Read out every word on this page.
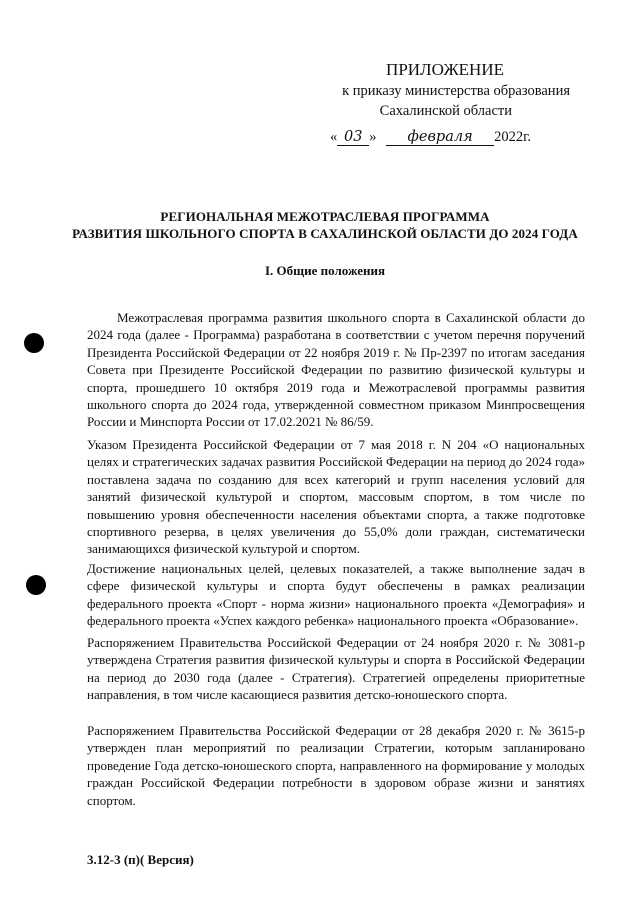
ПРИЛОЖЕНИЕ
к приказу министерства образования
Сахалинской области
« 03 » февраля 2022г.
РЕГИОНАЛЬНАЯ МЕЖОТРАСЛЕВАЯ ПРОГРАММА
РАЗВИТИЯ ШКОЛЬНОГО СПОРТА В САХАЛИНСКОЙ ОБЛАСТИ ДО 2024 ГОДА
I. Общие положения

Межотраслевая программа развития школьного спорта в Сахалинской области до 2024 года (далее - Программа) разработана в соответствии с учетом перечня поручений Президента Российской Федерации от 22 ноября 2019 г. № Пр-2397 по итогам заседания Совета при Президенте Российской Федерации по развитию физической культуры и спорта, прошедшего 10 октября 2019 года и Межотраслевой программы развития школьного спорта до 2024 года, утвержденной совместном приказом Минпросвещения России и Минспорта России от 17.02.2021 № 86/59.

Указом Президента Российской Федерации от 7 мая 2018 г. N 204 «О национальных целях и стратегических задачах развития Российской Федерации на период до 2024 года» поставлена задача по созданию для всех категорий и групп населения условий для занятий физической культурой и спортом, массовым спортом, в том числе по повышению уровня обеспеченности населения объектами спорта, а также подготовке спортивного резерва, в целях увеличения до 55,0% доли граждан, систематически занимающихся физической культурой и спортом.

Достижение национальных целей, целевых показателей, а также выполнение задач в сфере физической культуры и спорта будут обеспечены в рамках реализации федерального проекта «Спорт - норма жизни» национального проекта «Демография» и федерального проекта «Успех каждого ребенка» национального проекта «Образование».

Распоряжением Правительства Российской Федерации от 24 ноября 2020 г. № 3081-р утверждена Стратегия развития физической культуры и спорта в Российской Федерации на период до 2030 года (далее - Стратегия). Стратегией определены приоритетные направления, в том числе касающиеся развития детско-юношеского спорта.

Распоряжением Правительства Российской Федерации от 28 декабря 2020 г. № 3615-р утвержден план мероприятий по реализации Стратегии, которым запланировано проведение Года детско-юношеского спорта, направленного на формирование у молодых граждан Российской Федерации потребности в здоровом образе жизни и занятиях спортом.

3.12-3 (п)( Версия)
